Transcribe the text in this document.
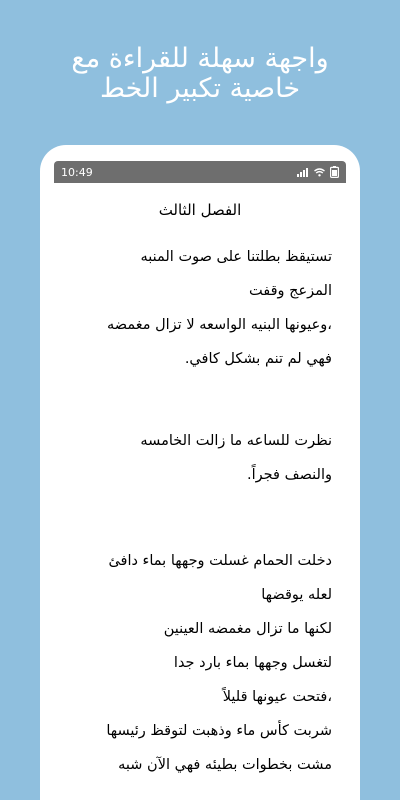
واجهة سهلة للقراءة مع
خاصية تكبير الخط
10:49
الفصل الثالث

تستيقظ بطلتنا على صوت المنبه

المزعج وقفت

،وعيونها البنيه الواسعه لا تزال مغمضه

فهي لم تنم بشكل كافي.

نظرت للساعه ما زالت الخامسه

والنصف فجراً.

دخلت الحمام غسلت وجهها بماء دافئ

لعله يوقضها

لكنها ما تزال مغمضه العينين

لتغسل وجهها بماء بارد جدا

،فتحت عيونها قليلاً

شربت كأس ماء وذهبت لتوقظ رئيسها

مشت بخطوات بطيئه فهي الآن شبه
